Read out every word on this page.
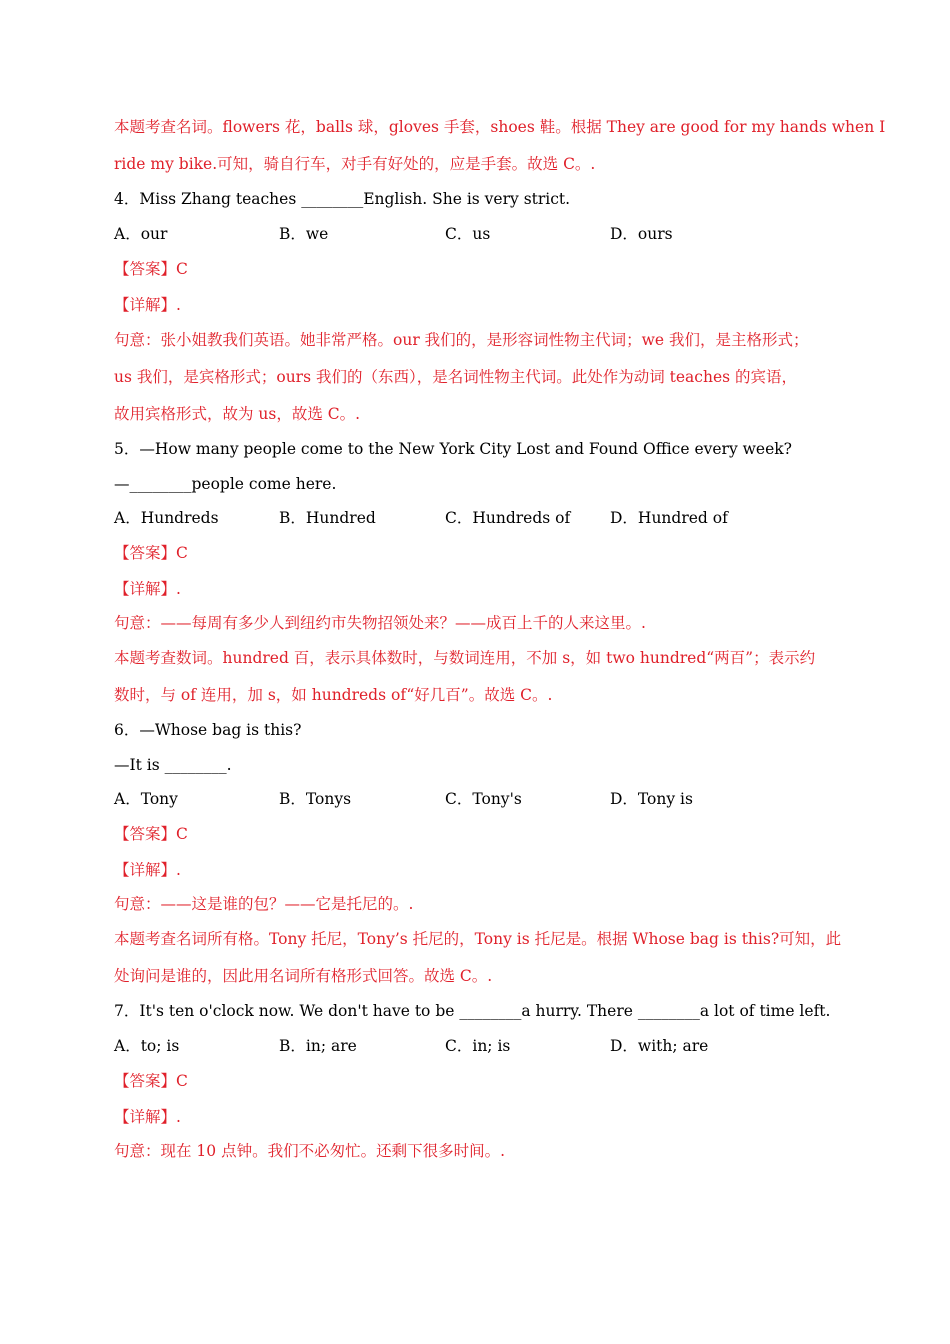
本题考查名词。flowers 花，balls 球，gloves 手套，shoes 鞋。根据 They are good for my hands when I
ride my bike.可知，骑自行车，对手有好处的，应是手套。故选 C。.
4．Miss Zhang teaches ________English. She is very strict.
A．our	B．we	C．us	D．ours
【答案】C
【详解】.
句意：张小姐教我们英语。她非常严格。our 我们的，是形容词性物主代词；we 我们，是主格形式；
us 我们，是宾格形式；ours 我们的（东西），是名词性物主代词。此处作为动词 teaches 的宾语，
故用宾格形式，故为 us，故选 C。.
5．—How many people come to the New York City Lost and Found Office every week?
—________people come here.
A．Hundreds	B．Hundred	C．Hundreds of	D．Hundred of
【答案】C
【详解】.
句意：——每周有多少人到纽约市失物招领处来？——成百上千的人来这里。.
本题考查数词。hundred 百，表示具体数时，与数词连用，不加 s，如 two hundred“两百”；表示约
数时，与 of 连用，加 s，如 hundreds of“好几百”。故选 C。.
6．—Whose bag is this?
—It is ________.
A．Tony	B．Tonys	C．Tony's	D．Tony is
【答案】C
【详解】.
句意：——这是谁的包？——它是托尼的。.
本题考查名词所有格。Tony 托尼，Tony’s 托尼的，Tony is 托尼是。根据 Whose bag is this?可知，此
处询问是谁的，因此用名词所有格形式回答。故选 C。.
7．It's ten o'clock now. We don't have to be ________a hurry. There ________a lot of time left.
A．to; is	B．in; are	C．in; is	D．with; are
【答案】C
【详解】.
句意：现在 10 点钟。我们不必匆忙。还剩下很多时间。.
